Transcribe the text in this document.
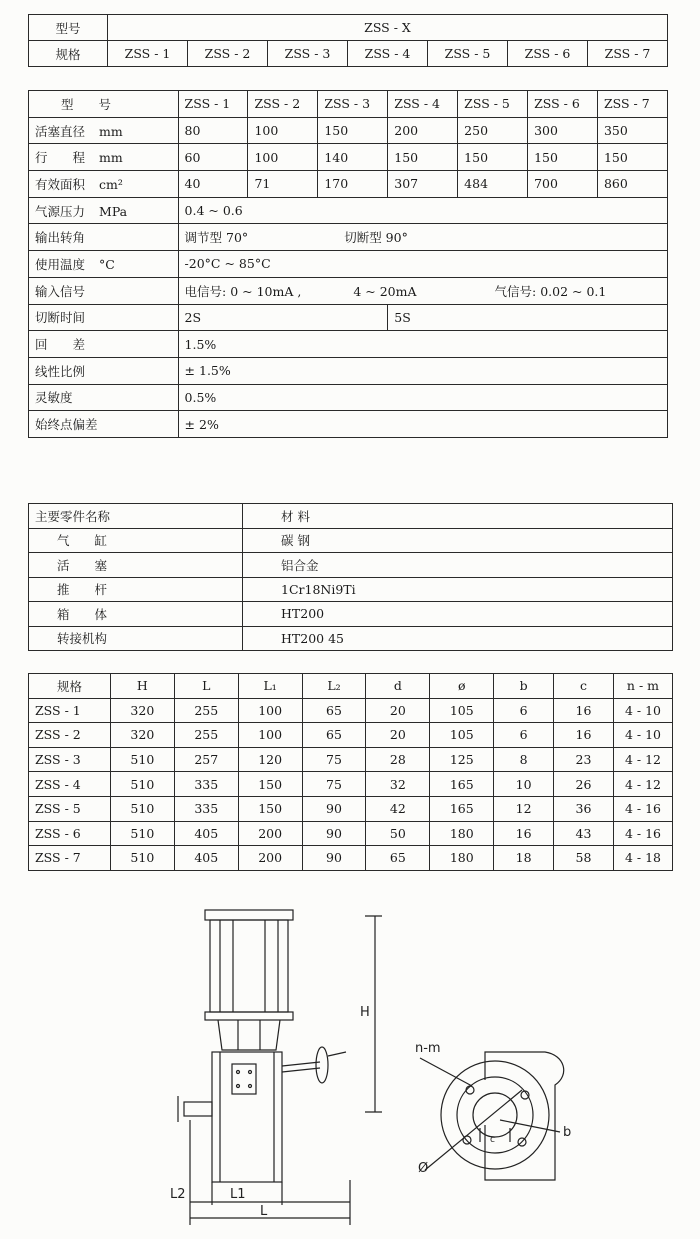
型号	ZSS - X						
规格	ZSS - 1	ZSS - 2	ZSS - 3	ZSS - 4	ZSS - 5	ZSS - 6	ZSS - 7
型　　号	ZSS - 1	ZSS - 2	ZSS - 3	ZSS - 4	ZSS - 5	ZSS - 6	ZSS - 7
活塞直径 mm	80	100	150	200	250	300	350
行　　程 mm	60	100	140	150	150	150	150
有效面积 cm²	40	71	170	307	484	700	860
气源压力 MPa	0.4 ~ 0.6						
输出转角	调节型 70° 切断型 90°						
使用温度 °C	-20°C ~ 85°C						
输入信号	电信号: 0 ~ 10mA , 4 ~ 20mA 气信号: 0.02 ~ 0.1						
切断时间	2S			5S			
回　　差	1.5%						
线性比例	± 1.5%						
灵敏度	0.5%						
始终点偏差	± 2%						
主要零件名称	材 料
气　　缸	碳 钢
活　　塞	铝合金
推　　杆	1Cr18Ni9Ti
箱　　体	HT200
转接机构	HT200 45
规格	H	L	L₁	L₂	d	ø	b	c	n - m
ZSS - 1	320	255	100	65	20	105	6	16	4 - 10
ZSS - 2	320	255	100	65	20	105	6	16	4 - 10
ZSS - 3	510	257	120	75	28	125	8	23	4 - 12
ZSS - 4	510	335	150	75	32	165	10	26	4 - 12
ZSS - 5	510	335	150	90	42	165	12	36	4 - 16
ZSS - 6	510	405	200	90	50	180	16	43	4 - 16
ZSS - 7	510	405	200	90	65	180	18	58	4 - 18
H
L
L1
L2
n-m
b
c
Ø
